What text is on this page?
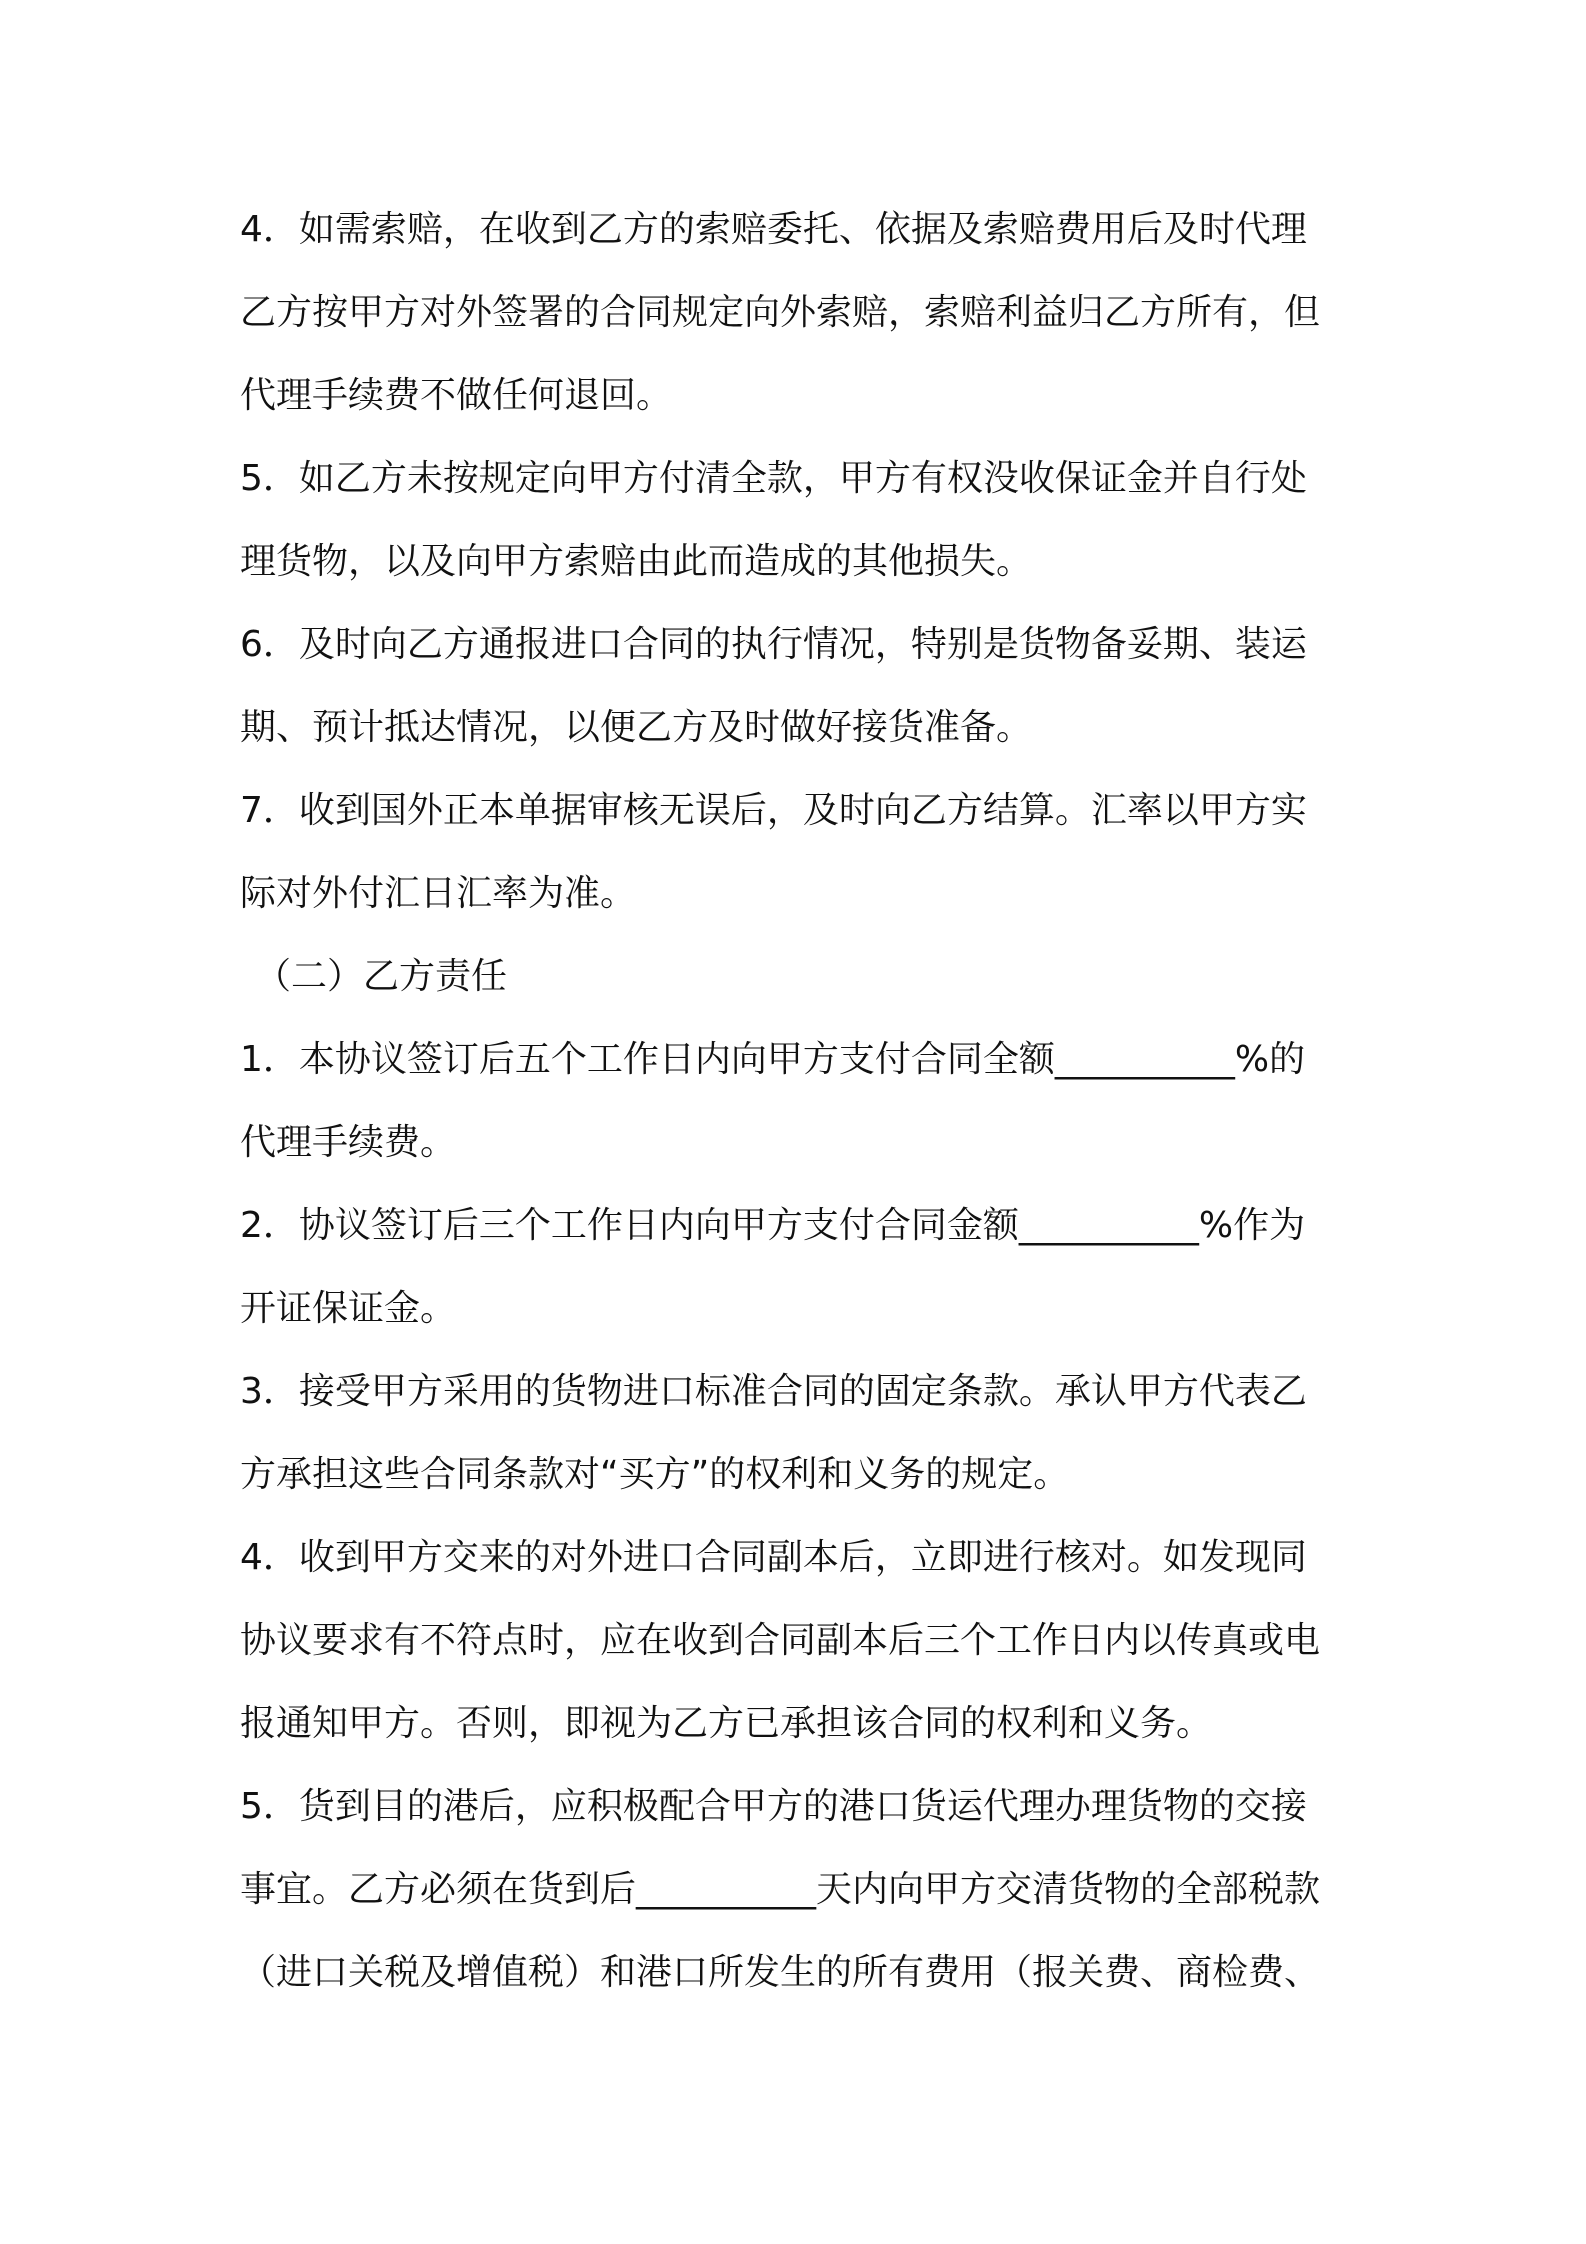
4．如需索赔，在收到乙方的索赔委托、依据及索赔费用后及时代理
乙方按甲方对外签署的合同规定向外索赔，索赔利益归乙方所有，但
代理手续费不做任何退回。
5．如乙方未按规定向甲方付清全款，甲方有权没收保证金并自行处
理货物，以及向甲方索赔由此而造成的其他损失。
6．及时向乙方通报进口合同的执行情况，特别是货物备妥期、装运
期、预计抵达情况，以便乙方及时做好接货准备。
7．收到国外正本单据审核无误后，及时向乙方结算。汇率以甲方实
际对外付汇日汇率为准。
（二）乙方责任
1．本协议签订后五个工作日内向甲方支付合同全额__________%的
代理手续费。
2．协议签订后三个工作日内向甲方支付合同金额__________%作为
开证保证金。
3．接受甲方采用的货物进口标准合同的固定条款。承认甲方代表乙
方承担这些合同条款对“买方”的权利和义务的规定。
4．收到甲方交来的对外进口合同副本后，立即进行核对。如发现同
协议要求有不符点时，应在收到合同副本后三个工作日内以传真或电
报通知甲方。否则，即视为乙方已承担该合同的权利和义务。
5．货到目的港后，应积极配合甲方的港口货运代理办理货物的交接
事宜。乙方必须在货到后__________天内向甲方交清货物的全部税款
（进口关税及增值税）和港口所发生的所有费用（报关费、商检费、
